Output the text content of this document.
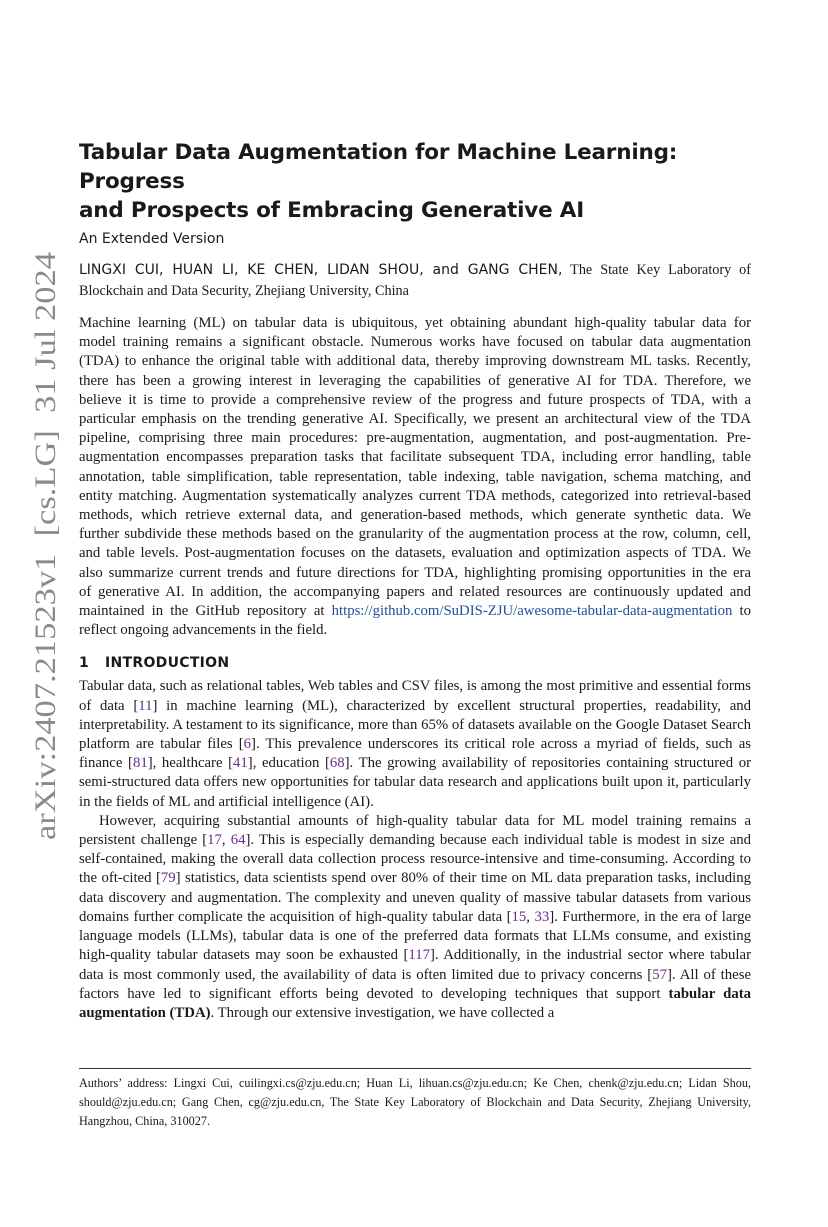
arXiv:2407.21523v1  [cs.LG]  31 Jul 2024
Tabular Data Augmentation for Machine Learning: Progress
and Prospects of Embracing Generative AI
An Extended Version
LINGXI CUI, HUAN LI, KE CHEN, LIDAN SHOU, and GANG CHEN, The State Key Laboratory of Blockchain and Data Security, Zhejiang University, China
Machine learning (ML) on tabular data is ubiquitous, yet obtaining abundant high-quality tabular data for
model training remains a significant obstacle. Numerous works have focused on tabular data augmentation
(TDA) to enhance the original table with additional data, thereby improving downstream ML tasks. Recently,
there has been a growing interest in leveraging the capabilities of generative AI for TDA. Therefore, we
believe it is time to provide a comprehensive review of the progress and future prospects of TDA, with a
particular emphasis on the trending generative AI. Specifically, we present an architectural view of the TDA
pipeline, comprising three main procedures: pre-augmentation, augmentation, and post-augmentation. Pre-
augmentation encompasses preparation tasks that facilitate subsequent TDA, including error handling, table
annotation, table simplification, table representation, table indexing, table navigation, schema matching, and
entity matching. Augmentation systematically analyzes current TDA methods, categorized into retrieval-based
methods, which retrieve external data, and generation-based methods, which generate synthetic data. We
further subdivide these methods based on the granularity of the augmentation process at the row, column, cell,
and table levels. Post-augmentation focuses on the datasets, evaluation and optimization aspects of TDA. We
also summarize current trends and future directions for TDA, highlighting promising opportunities in the era
of generative AI. In addition, the accompanying papers and related resources are continuously updated and
maintained in the GitHub repository at https://github.com/SuDIS-ZJU/awesome-tabular-data-augmentation to
reflect ongoing advancements in the field.
1 INTRODUCTION

Tabular data, such as relational tables, Web tables and CSV files, is among the most primitive and essential forms of data [11] in machine learning (ML), characterized by excellent structural properties, readability, and interpretability. A testament to its significance, more than 65% of datasets available on the Google Dataset Search platform are tabular files [6]. This prevalence underscores its critical role across a myriad of fields, such as finance [81], healthcare [41], education [68]. The growing availability of repositories containing structured or semi-structured data offers new opportunities for tabular data research and applications built upon it, particularly in the fields of ML and artificial intelligence (AI).

However, acquiring substantial amounts of high-quality tabular data for ML model training remains a persistent challenge [17, 64]. This is especially demanding because each individual table is modest in size and self-contained, making the overall data collection process resource-intensive and time-consuming. According to the oft-cited [79] statistics, data scientists spend over 80% of their time on ML data preparation tasks, including data discovery and augmentation. The complexity and uneven quality of massive tabular datasets from various domains further complicate the acquisition of high-quality tabular data [15, 33]. Furthermore, in the era of large language models (LLMs), tabular data is one of the preferred data formats that LLMs consume, and existing high-quality tabular datasets may soon be exhausted [117]. Additionally, in the industrial sector where tabular data is most commonly used, the availability of data is often limited due to privacy concerns [57]. All of these factors have led to significant efforts being devoted to developing techniques that support tabular data augmentation (TDA). Through our extensive investigation, we have collected a

Authors’ address: Lingxi Cui, cuilingxi.cs@zju.edu.cn; Huan Li, lihuan.cs@zju.edu.cn; Ke Chen, chenk@zju.edu.cn; Lidan Shou, should@zju.edu.cn; Gang Chen, cg@zju.edu.cn, The State Key Laboratory of Blockchain and Data Security, Zhejiang University, Hangzhou, China, 310027.
